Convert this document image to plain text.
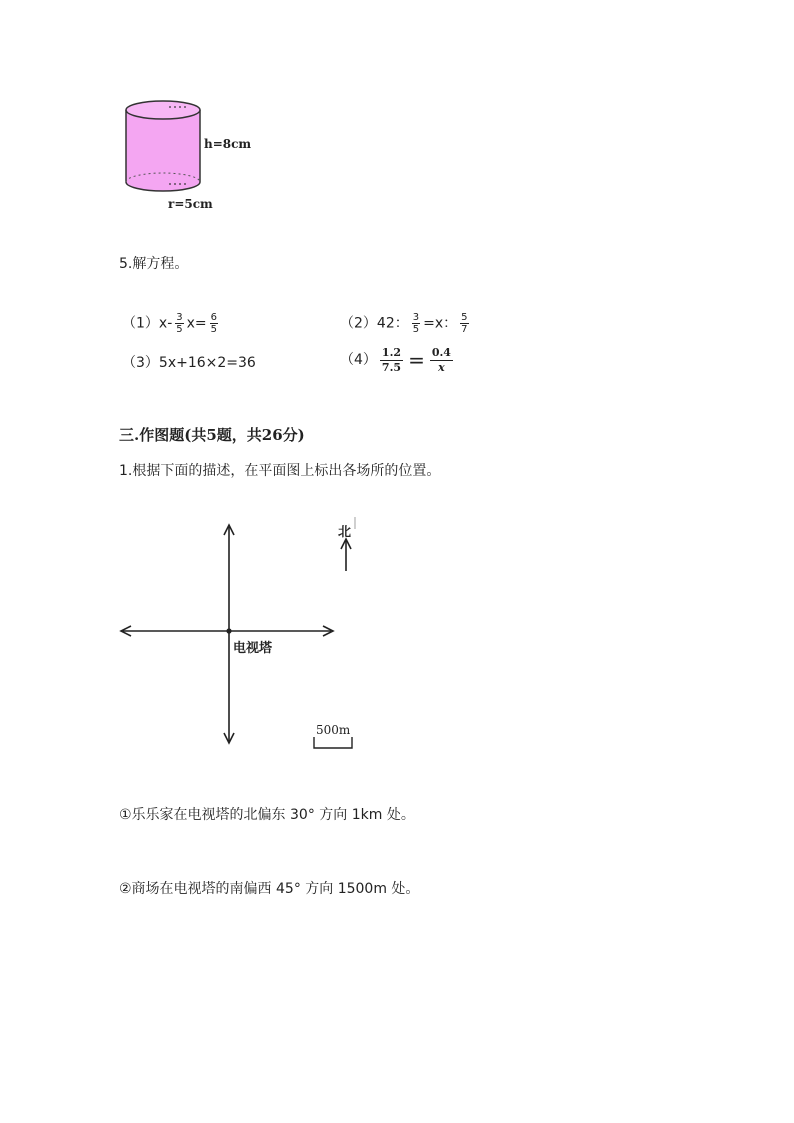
h=8cm
r=5cm
5.解方程。
$(1)x- \frac{3}{5} x= \frac{6}{5}$	（2）42： $\frac{3}{5} =x$： $\frac{5}{7}$
（3）5x+16×2=36	$(4) \frac{1.2}{7.5} = \frac{0.4}{x}$
三.作图题(共5题，共26分)
1.根据下面的描述，在平面图上标出各场所的位置。
北
电视塔
500m
①乐乐家在电视塔的北偏东 30° 方向 1km 处。
②商场在电视塔的南偏西 45° 方向 1500m 处。
